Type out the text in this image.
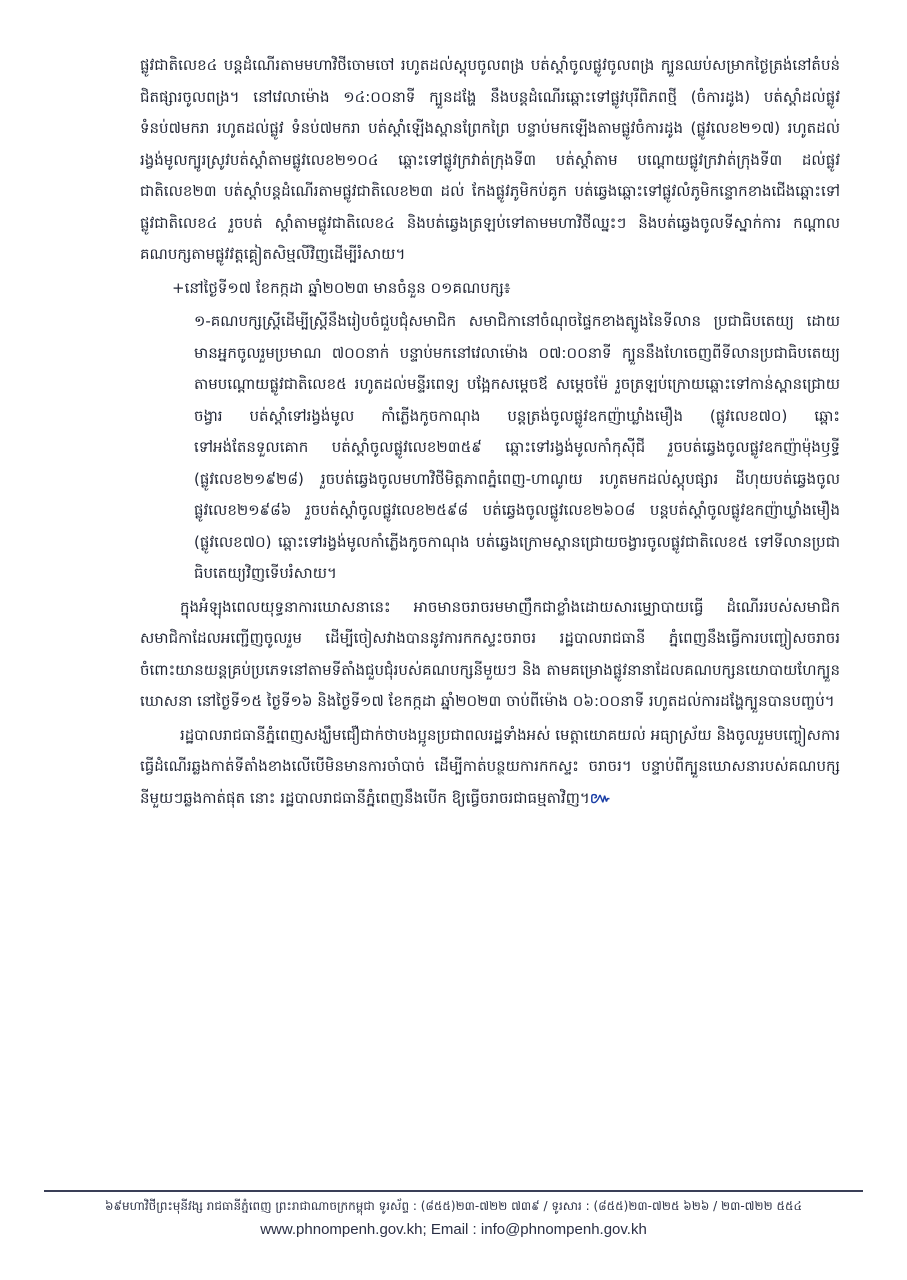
ផ្លូវជាតិលេខ៤ បន្តដំណើរតាមមហាវិថីចោមចៅ រហូតដល់ស្តុបចូលពង្រ បត់ស្តាំចូលផ្លូវចូលពង្រ ក្បួនឈប់សម្រាកថ្ងៃត្រង់នៅតំបន់ជិតផ្សារចូលពង្រ។ នៅវេលាម៉ោង ១៤:០០នាទី ក្បួនដង្ហែ នឹងបន្តដំណើរឆ្ពោះទៅផ្លូវបុរីពិភពថ្មី (ចំការដូង) បត់ស្តាំដល់ផ្លូវទំនប់៧មករា រហូតដល់ផ្លូវ ទំនប់៧មករា បត់ស្តាំឡើងស្ពានព្រែកព្រៃ បន្ទាប់មកឡើងតាមផ្លូវចំការដូង (ផ្លូវលេខ២១៧) រហូតដល់រង្វង់មូលក្បូរស្រូវបត់ស្តាំតាមផ្លូវលេខ២១០៤ ឆ្ពោះទៅផ្លូវក្រវាត់ក្រុងទី៣ បត់ស្តាំតាម បណ្តោយផ្លូវក្រវាត់ក្រុងទី៣ ដល់ផ្លូវជាតិលេខ២៣ បត់ស្តាំបន្តដំណើរតាមផ្លូវជាតិលេខ២៣ ដល់ កែងផ្លូវភូមិកប់គូក បត់ឆ្វេងឆ្ពោះទៅផ្លូវលំភូមិកន្ទោកខាងជើងឆ្ពោះទៅផ្លូវជាតិលេខ៤ រួចបត់ ស្តាំតាមផ្លូវជាតិលេខ៤ និងបត់ឆ្វេងត្រឡប់ទៅតាមមហាវិថីឈ្នះៗ និងបត់ឆ្វេងចូលទីស្នាក់ការ កណ្តាលគណបក្សតាមផ្លូវវត្តគ្គៀតសិម្មលីវិញដើម្បីរំសាយ។

+នៅថ្ងៃទី១៧ ខែកក្កដា ឆ្នាំ២០២៣ មានចំនួន ០១គណបក្ស៖

១-គណបក្សស្ត្រីដើម្បីស្ត្រីនឹងរៀបចំជួបជុំសមាជិក សមាជិកានៅចំណុចផ្ទៃកខាងត្បូងនៃទីលាន ប្រជាធិបតេយ្យ ដោយមានអ្នកចូលរួមប្រមាណ ៧០០នាក់ បន្ទាប់មកនៅវេលាម៉ោង ០៧:០០នាទី ក្បួននឹងហែចេញពីទីលានប្រជាធិបតេយ្យ តាមបណ្តោយផ្លូវជាតិលេខ៥ រហូតដល់មន្ទីរពេទ្យ បង្អែកសម្តេចឪ សម្តេចម៉ែ រួចត្រឡប់ក្រោយឆ្ពោះទៅកាន់ស្ពានជ្រោយចង្វារ បត់ស្តាំទៅរង្វង់មូល កាំភ្លើងកូចកាណុង បន្តត្រង់ចូលផ្លូវឧកញ៉ាឃ្លាំងមឿង (ផ្លូវលេខ៧០) ឆ្ពោះទៅអង់តែនទួលគោក បត់ស្តាំចូលផ្លូវលេខ២៣៥៩ ឆ្ពោះទៅរង្វង់មូលកាំកុស៊ីជី រួចបត់ឆ្វេងចូលផ្លូវឧកញ៉ាម៉ុងឫទ្ធី (ផ្លូវលេខ២១៩២៨) រួចបត់ឆ្វេងចូលមហាវិថីមិត្តភាពភ្នំពេញ-ហាណូយ រហូតមកដល់ស្តុបផ្សារ ដីហុយបត់ឆ្វេងចូលផ្លូវលេខ២១៩៨៦ រួចបត់ស្តាំចូលផ្លូវលេខ២៥៩៨ បត់ឆ្វេងចូលផ្លូវលេខ២៦០៨ បន្តបត់ស្តាំចូលផ្លូវឧកញ៉ាឃ្លាំងមឿង (ផ្លូវលេខ៧០) ឆ្ពោះទៅរង្វង់មូលកាំភ្លើងកូចកាណុង បត់ឆ្វេងក្រោមស្ពានជ្រោយចង្វារចូលផ្លូវជាតិលេខ៥ ទៅទីលានប្រជាធិបតេយ្យវិញទើបរំសាយ។

ក្នុងអំឡុងពេលយុទ្ធនាការឃោសនានេះ អាចមានចរាចរមមាញឹកជាខ្លាំងដោយសារម្ធ្យោបាយធ្វើ ដំណើររបស់សមាជិក សមាជិកាដែលអញ្ជើញចូលរួម ដើម្បីចៀសវាងបាននូវការកកស្ទះចរាចរ រដ្ឋបាលរាជធានី ភ្នំពេញនឹងធ្វើការបញ្ចៀសចរាចរចំពោះយានយន្តគ្រប់ប្រភេទនៅតាមទីតាំងជួបជុំរបស់គណបក្សនីមួយៗ និង តាមគម្រោងផ្លូវនានាដែលគណបក្សនយោបាយហែក្បួនឃោសនា នៅថ្ងៃទី១៥ ថ្ងៃទី១៦ និងថ្ងៃទី១៧ ខែកក្កដា ឆ្នាំ២០២៣ ចាប់ពីម៉ោង ០៦:០០នាទី រហូតដល់ការដង្ហែក្បួនបានបញ្ចប់។

រដ្ឋបាលរាជធានីភ្នំពេញសង្ឃឹមជឿជាក់ថាបងប្អូនប្រជាពលរដ្ឋទាំងអស់ មេត្តាយោគយល់ អធ្យាស្រ័យ និងចូលរួមបញ្ចៀសការធ្វើដំណើរឆ្លងកាត់ទីតាំងខាងលើបើមិនមានការចាំបាច់ ដើម្បីកាត់បន្ថយការកកស្ទះ ចរាចរ។ បន្ទាប់ពីក្បួនឃោសនារបស់គណបក្សនីមួយៗឆ្លងកាត់ផុត នោះ រដ្ឋបាលរាជធានីភ្នំពេញនឹងបើក ឱ្យធ្វើចរាចរជាធម្មតាវិញ។៚

៦៩មហាវិថីព្រះមុនីវង្ស រាជធានីភ្នំពេញ ព្រះរាជាណាចក្រកម្ពុជា ទូរស័ព្ទ : (៨៥៥)២៣-៧២២ ៧៣៩ / ទូរសារ : (៨៥៥)២៣-៧២៥ ៦២៦ / ២៣-៧២២ ៥៥៤
www.phnompenh.gov.kh; Email : info@phnompenh.gov.kh
